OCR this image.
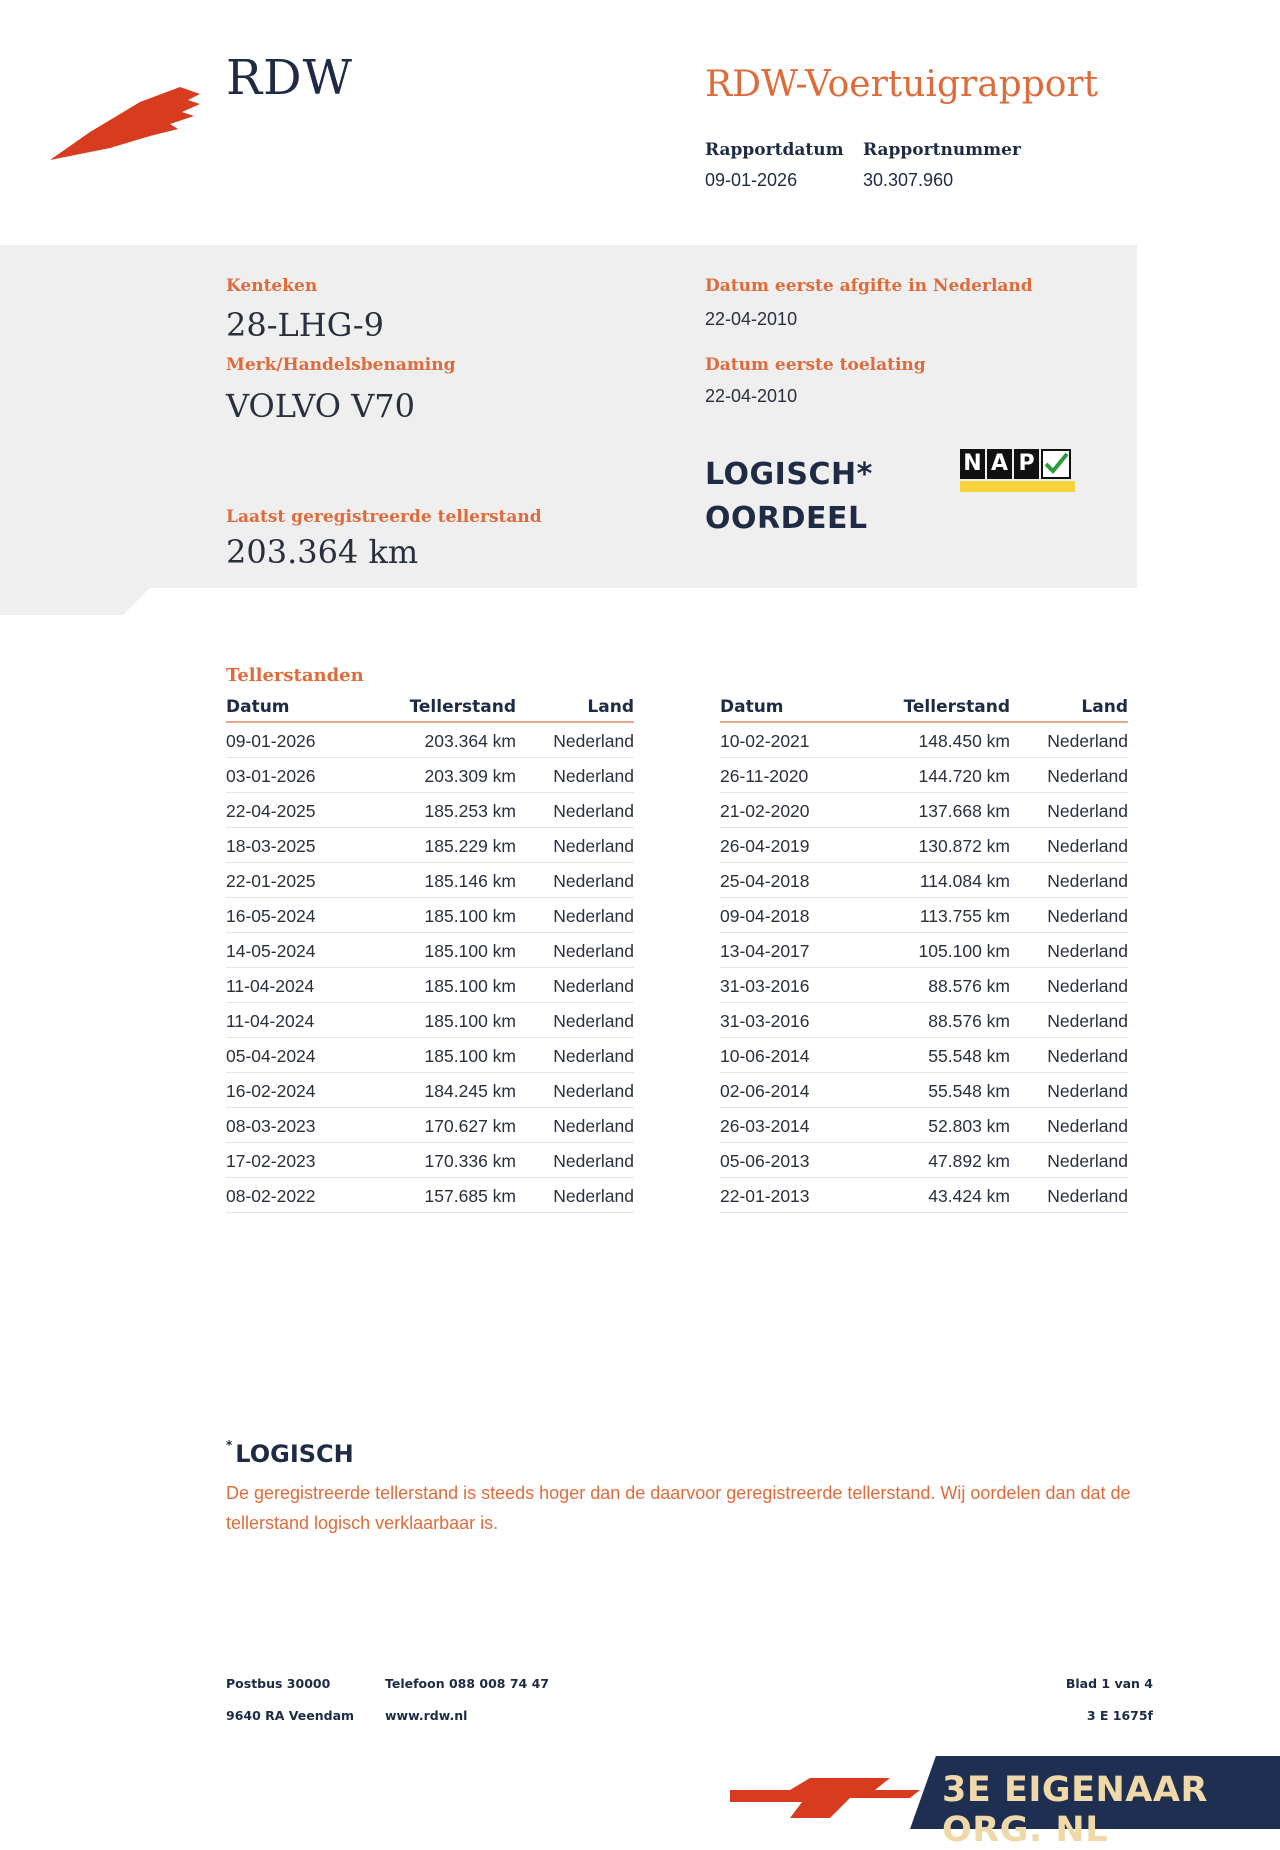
RDW	RDW-Voertuigrapport
Rapportdatum
09-01-2026
Rapportnummer
30.307.960
Kenteken
28-LHG-9
Merk/Handelsbenaming
VOLVO V70
Laatst geregistreerde tellerstand
203.364 km
Datum eerste afgifte in Nederland
22-04-2010
Datum eerste toelating
22-04-2010
LOGISCH*
OORDEEL
N A P
Tellerstanden
Datum	Tellerstand	Land
09-01-2026	203.364 km Nederland
03-01-2026	203.309 km Nederland
22-04-2025	185.253 km Nederland
18-03-2025	185.229 km Nederland
22-01-2025	185.146 km Nederland
16-05-2024	185.100 km Nederland
14-05-2024	185.100 km Nederland
11-04-2024	185.100 km Nederland
11-04-2024	185.100 km Nederland
05-04-2024	185.100 km Nederland
16-02-2024	184.245 km Nederland
08-03-2023	170.627 km Nederland
17-02-2023	170.336 km Nederland
08-02-2022	157.685 km Nederland
Datum	Tellerstand	Land
10-02-2021	148.450 km Nederland
26-11-2020	144.720 km Nederland
21-02-2020	137.668 km Nederland
26-04-2019	130.872 km Nederland
25-04-2018	114.084 km Nederland
09-04-2018	113.755 km Nederland
13-04-2017	105.100 km Nederland
31-03-2016	88.576 km Nederland
31-03-2016	88.576 km Nederland
10-06-2014	55.548 km Nederland
02-06-2014	55.548 km Nederland
26-03-2014	52.803 km Nederland
05-06-2013	47.892 km Nederland
22-01-2013	43.424 km Nederland
* LOGISCH
De geregistreerde tellerstand is steeds hoger dan de daarvoor geregistreerde tellerstand. Wij oordelen dan dat de tellerstand logisch verklaarbaar is.
Postbus 30000
9640 RA Veendam
Telefoon 088 008 74 47
www.rdw.nl
Blad 1 van 4
3 E 1675f
3E EIGENAAR ORG. NL
